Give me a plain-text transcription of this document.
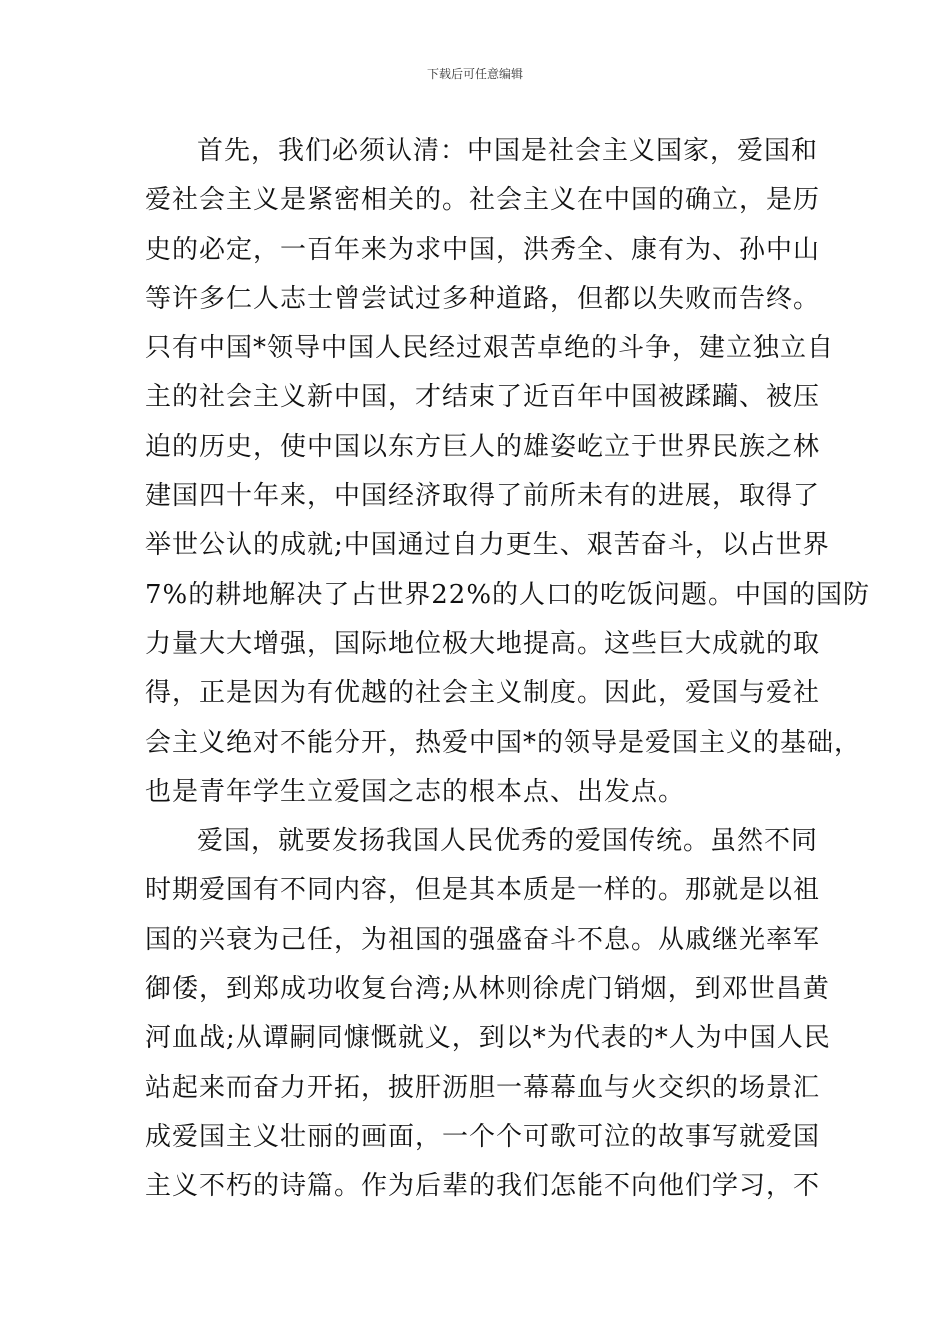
下载后可任意编辑
首先，我们必须认清：中国是社会主义国家，爱国和
爱社会主义是紧密相关的。社会主义在中国的确立，是历
史的必定，一百年来为求中国，洪秀全、康有为、孙中山
等许多仁人志士曾尝试过多种道路，但都以失败而告终。
只有中国*领导中国人民经过艰苦卓绝的斗争，建立独立自
主的社会主义新中国，才结束了近百年中国被蹂躏、被压
迫的历史，使中国以东方巨人的雄姿屹立于世界民族之林
建国四十年来，中国经济取得了前所未有的进展，取得了
举世公认的成就;中国通过自力更生、艰苦奋斗，以占世界
7%的耕地解决了占世界22%的人口的吃饭问题。中国的国防
力量大大增强，国际地位极大地提高。这些巨大成就的取
得，正是因为有优越的社会主义制度。因此，爱国与爱社
会主义绝对不能分开，热爱中国*的领导是爱国主义的基础，
也是青年学生立爱国之志的根本点、出发点。
爱国，就要发扬我国人民优秀的爱国传统。虽然不同
时期爱国有不同内容，但是其本质是一样的。那就是以祖
国的兴衰为己任，为祖国的强盛奋斗不息。从戚继光率军
御倭，到郑成功收复台湾;从林则徐虎门销烟，到邓世昌黄
河血战;从谭嗣同慷慨就义，到以*为代表的*人为中国人民
站起来而奋力开拓，披肝沥胆一幕幕血与火交织的场景汇
成爱国主义壮丽的画面，一个个可歌可泣的故事写就爱国
主义不朽的诗篇。作为后辈的我们怎能不向他们学习，不
